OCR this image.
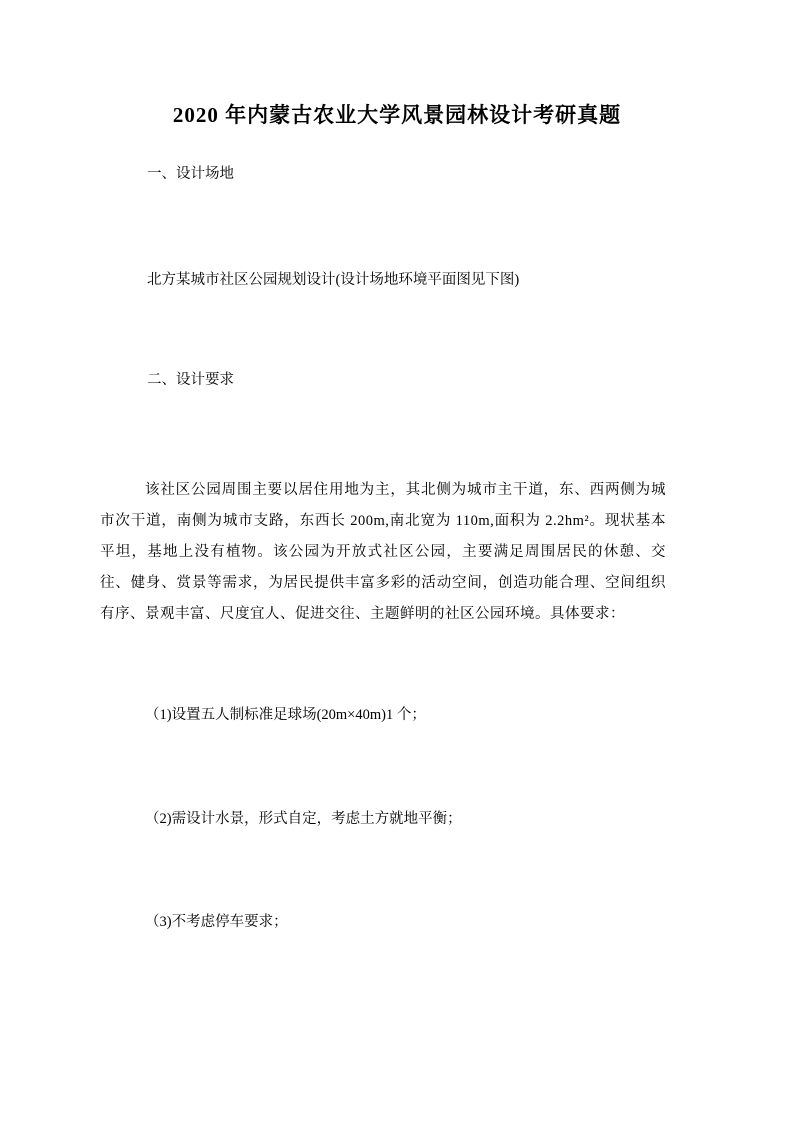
2020 年内蒙古农业大学风景园林设计考研真题
一、设计场地
北方某城市社区公园规划设计(设计场地环境平面图见下图)
二、设计要求
该社区公园周围主要以居住用地为主，其北侧为城市主干道，东、西两侧为城市次干道，南侧为城市支路，东西长 200m,南北宽为 110m,面积为 2.2hm²。现状基本平坦，基地上没有植物。该公园为开放式社区公园，主要满足周围居民的休憩、交往、健身、赏景等需求，为居民提供丰富多彩的活动空间，创造功能合理、空间组织有序、景观丰富、尺度宜人、促进交往、主题鲜明的社区公园环境。具体要求：
（1)设置五人制标准足球场(20m×40m)1 个；
（2)需设计水景，形式自定，考虑土方就地平衡；
（3)不考虑停车要求；
